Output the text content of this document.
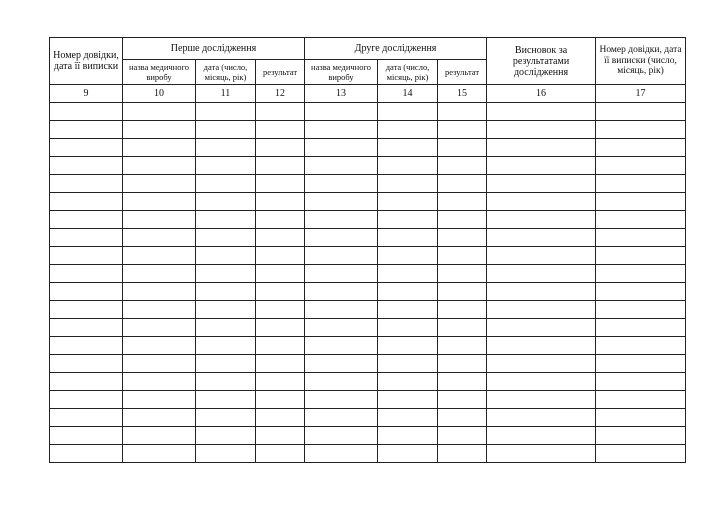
Номер довідки, дата її виписки	Перше дослідження			Друге дослідження			Висновок за результатами дослідження	Номер довідки, дата її виписки (число, місяць, рік)
	назва медичного виробу	дата (число, місяць, рік)	результат	назва медичного виробу	дата (число, місяць, рік)	результат		
9	10	11	12	13	14	15	16	17
